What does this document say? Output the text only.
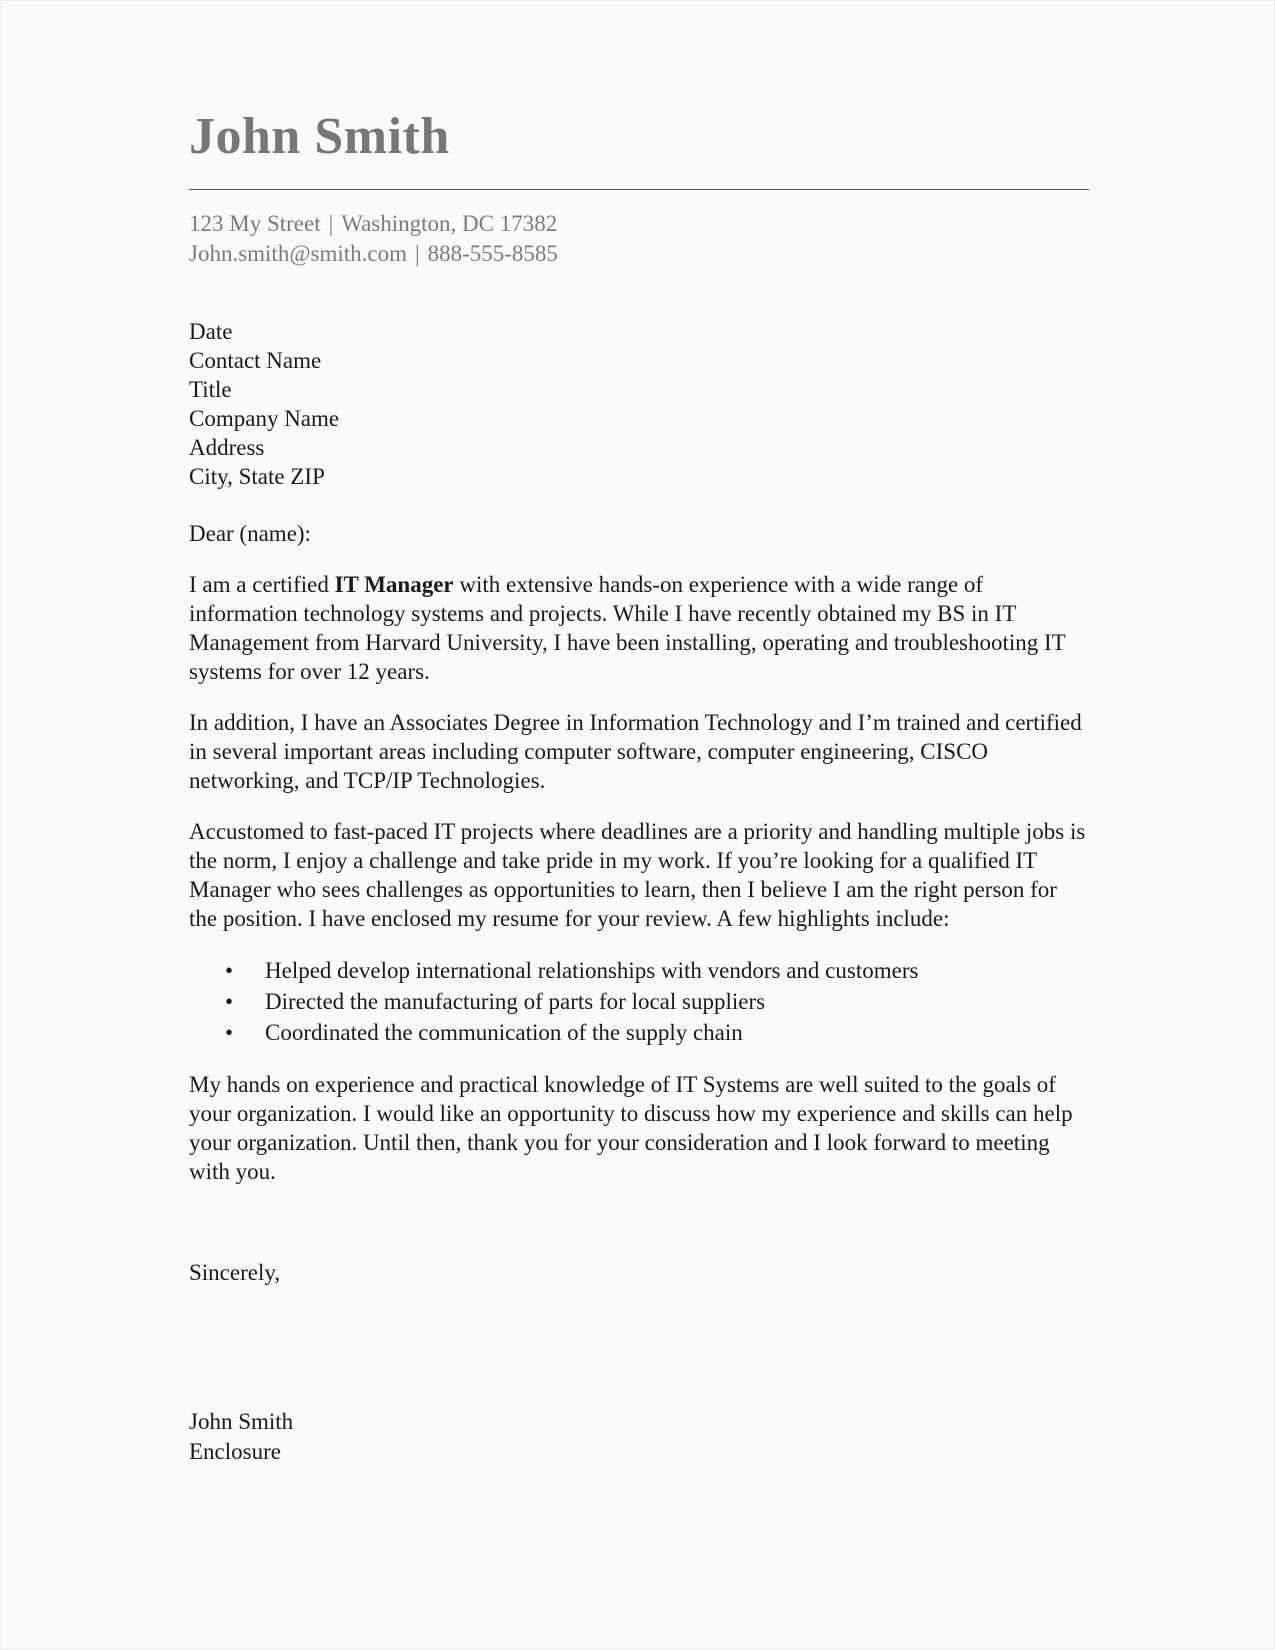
John Smith
123 My Street | Washington, DC 17382
John.smith@smith.com | 888-555-8585
Date
Contact Name
Title
Company Name
Address
City, State ZIP
Dear (name):

I am a certified IT Manager with extensive hands-on experience with a wide range of information technology systems and projects. While I have recently obtained my BS in IT Management from Harvard University, I have been installing, operating and troubleshooting IT systems for over 12 years.

In addition, I have an Associates Degree in Information Technology and I’m trained and certified in several important areas including computer software, computer engineering, CISCO networking, and TCP/IP Technologies.

Accustomed to fast-paced IT projects where deadlines are a priority and handling multiple jobs is the norm, I enjoy a challenge and take pride in my work. If you’re looking for a qualified IT Manager who sees challenges as opportunities to learn, then I believe I am the right person for the position. I have enclosed my resume for your review. A few highlights include:

• Helped develop international relationships with vendors and customers
• Directed the manufacturing of parts for local suppliers
• Coordinated the communication of the supply chain

My hands on experience and practical knowledge of IT Systems are well suited to the goals of your organization. I would like an opportunity to discuss how my experience and skills can help your organization. Until then, thank you for your consideration and I look forward to meeting with you.

Sincerely,
John Smith
Enclosure
